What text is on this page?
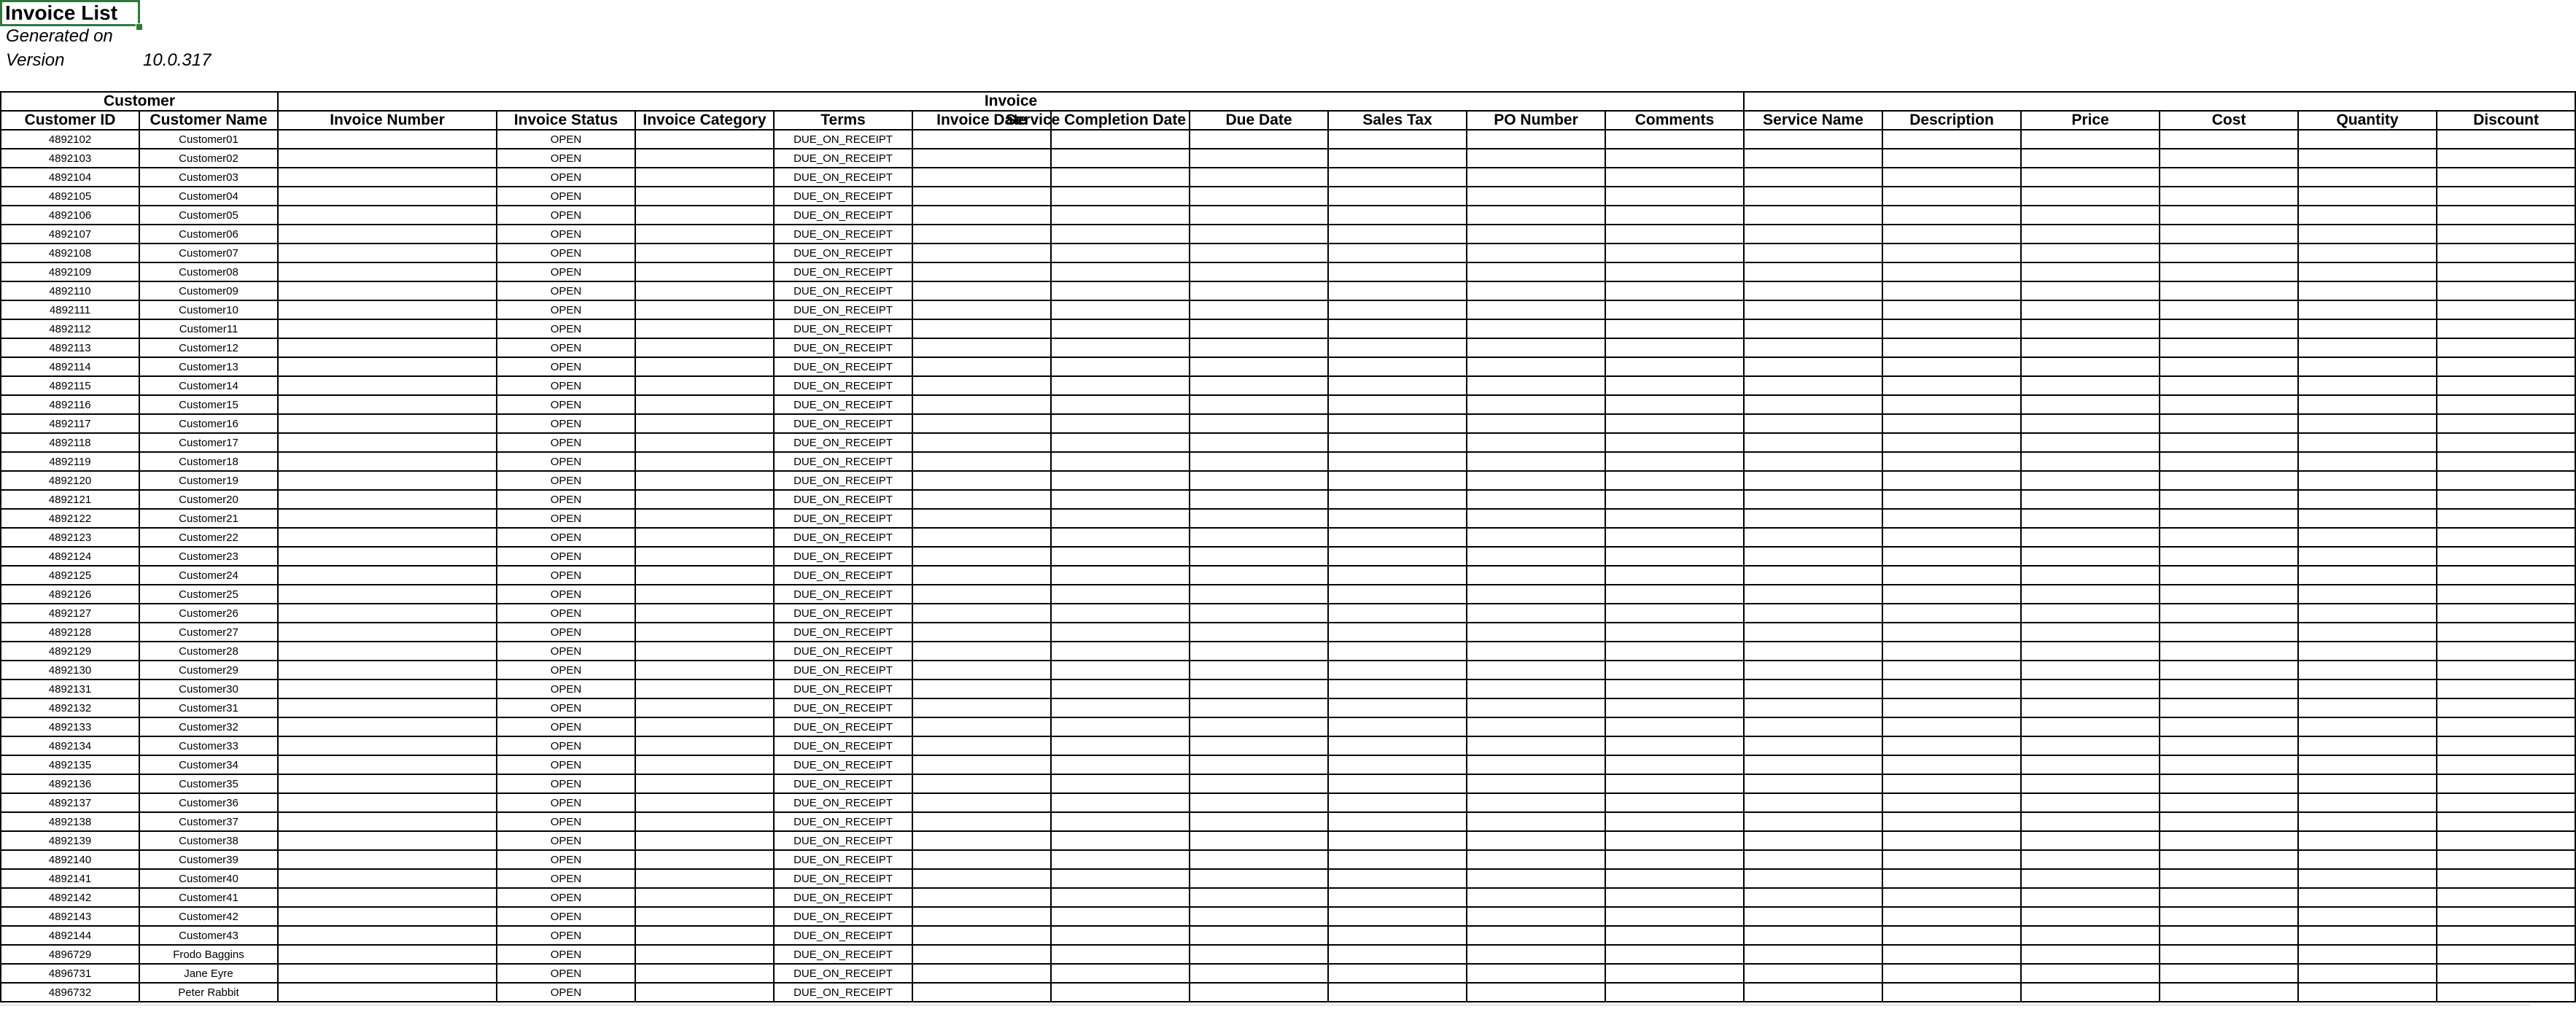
Invoice List
Generated on
Version	10.0.317
Customer		Invoice															
Customer ID	Customer Name	Invoice Number	Invoice Status	Invoice Category	Terms	Invoice Date	Service Completion Date	Due Date	Sales Tax	PO Number	Comments	Service Name	Description	Price	Cost	Quantity	Discount
4892102	Customer01		OPEN		DUE_ON_RECEIPT												
4892103	Customer02		OPEN		DUE_ON_RECEIPT												
4892104	Customer03		OPEN		DUE_ON_RECEIPT												
4892105	Customer04		OPEN		DUE_ON_RECEIPT												
4892106	Customer05		OPEN		DUE_ON_RECEIPT												
4892107	Customer06		OPEN		DUE_ON_RECEIPT												
4892108	Customer07		OPEN		DUE_ON_RECEIPT												
4892109	Customer08		OPEN		DUE_ON_RECEIPT												
4892110	Customer09		OPEN		DUE_ON_RECEIPT												
4892111	Customer10		OPEN		DUE_ON_RECEIPT												
4892112	Customer11		OPEN		DUE_ON_RECEIPT												
4892113	Customer12		OPEN		DUE_ON_RECEIPT												
4892114	Customer13		OPEN		DUE_ON_RECEIPT												
4892115	Customer14		OPEN		DUE_ON_RECEIPT												
4892116	Customer15		OPEN		DUE_ON_RECEIPT												
4892117	Customer16		OPEN		DUE_ON_RECEIPT												
4892118	Customer17		OPEN		DUE_ON_RECEIPT												
4892119	Customer18		OPEN		DUE_ON_RECEIPT												
4892120	Customer19		OPEN		DUE_ON_RECEIPT												
4892121	Customer20		OPEN		DUE_ON_RECEIPT												
4892122	Customer21		OPEN		DUE_ON_RECEIPT												
4892123	Customer22		OPEN		DUE_ON_RECEIPT												
4892124	Customer23		OPEN		DUE_ON_RECEIPT												
4892125	Customer24		OPEN		DUE_ON_RECEIPT												
4892126	Customer25		OPEN		DUE_ON_RECEIPT												
4892127	Customer26		OPEN		DUE_ON_RECEIPT												
4892128	Customer27		OPEN		DUE_ON_RECEIPT												
4892129	Customer28		OPEN		DUE_ON_RECEIPT												
4892130	Customer29		OPEN		DUE_ON_RECEIPT												
4892131	Customer30		OPEN		DUE_ON_RECEIPT												
4892132	Customer31		OPEN		DUE_ON_RECEIPT												
4892133	Customer32		OPEN		DUE_ON_RECEIPT												
4892134	Customer33		OPEN		DUE_ON_RECEIPT												
4892135	Customer34		OPEN		DUE_ON_RECEIPT												
4892136	Customer35		OPEN		DUE_ON_RECEIPT												
4892137	Customer36		OPEN		DUE_ON_RECEIPT												
4892138	Customer37		OPEN		DUE_ON_RECEIPT												
4892139	Customer38		OPEN		DUE_ON_RECEIPT												
4892140	Customer39		OPEN		DUE_ON_RECEIPT												
4892141	Customer40		OPEN		DUE_ON_RECEIPT												
4892142	Customer41		OPEN		DUE_ON_RECEIPT												
4892143	Customer42		OPEN		DUE_ON_RECEIPT												
4892144	Customer43		OPEN		DUE_ON_RECEIPT												
4896729	Frodo Baggins		OPEN		DUE_ON_RECEIPT												
4896731	Jane Eyre		OPEN		DUE_ON_RECEIPT												
4896732	Peter Rabbit		OPEN		DUE_ON_RECEIPT												
